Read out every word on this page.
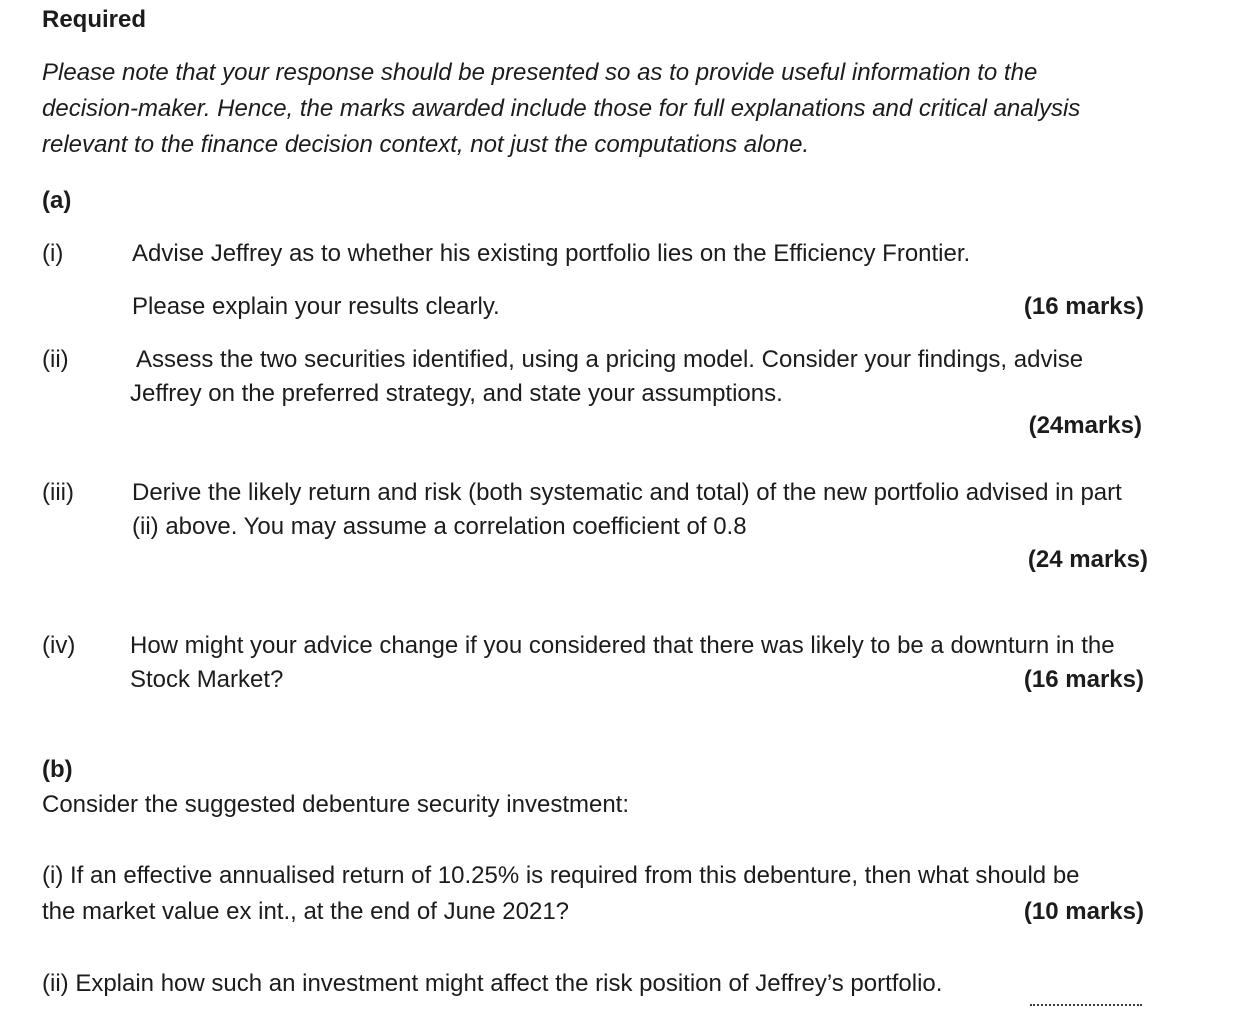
Required
Please note that your response should be presented so as to provide useful information to the
decision-maker. Hence, the marks awarded include those for full explanations and critical analysis
relevant to the finance decision context, not just the computations alone.
(a)
(i)	Advise Jeffrey as to whether his existing portfolio lies on the Efficiency Frontier.
Please explain your results clearly.	(16 marks)
(ii)	Assess the two securities identified, using a pricing model. Consider your findings, advise
Jeffrey on the preferred strategy, and state your assumptions.
(24marks)
(iii) Derive the likely return and risk (both systematic and total) of the new portfolio advised in part
(ii) above. You may assume a correlation coefficient of 0.8
(24 marks)
(iv) How might your advice change if you considered that there was likely to be a downturn in the
Stock Market?	(16 marks)
(b)
Consider the suggested debenture security investment:
(i) If an effective annualised return of 10.25% is required from this debenture, then what should be
the market value ex int., at the end of June 2021?	(10 marks)
(ii) Explain how such an investment might affect the risk position of Jeffrey’s portfolio.
